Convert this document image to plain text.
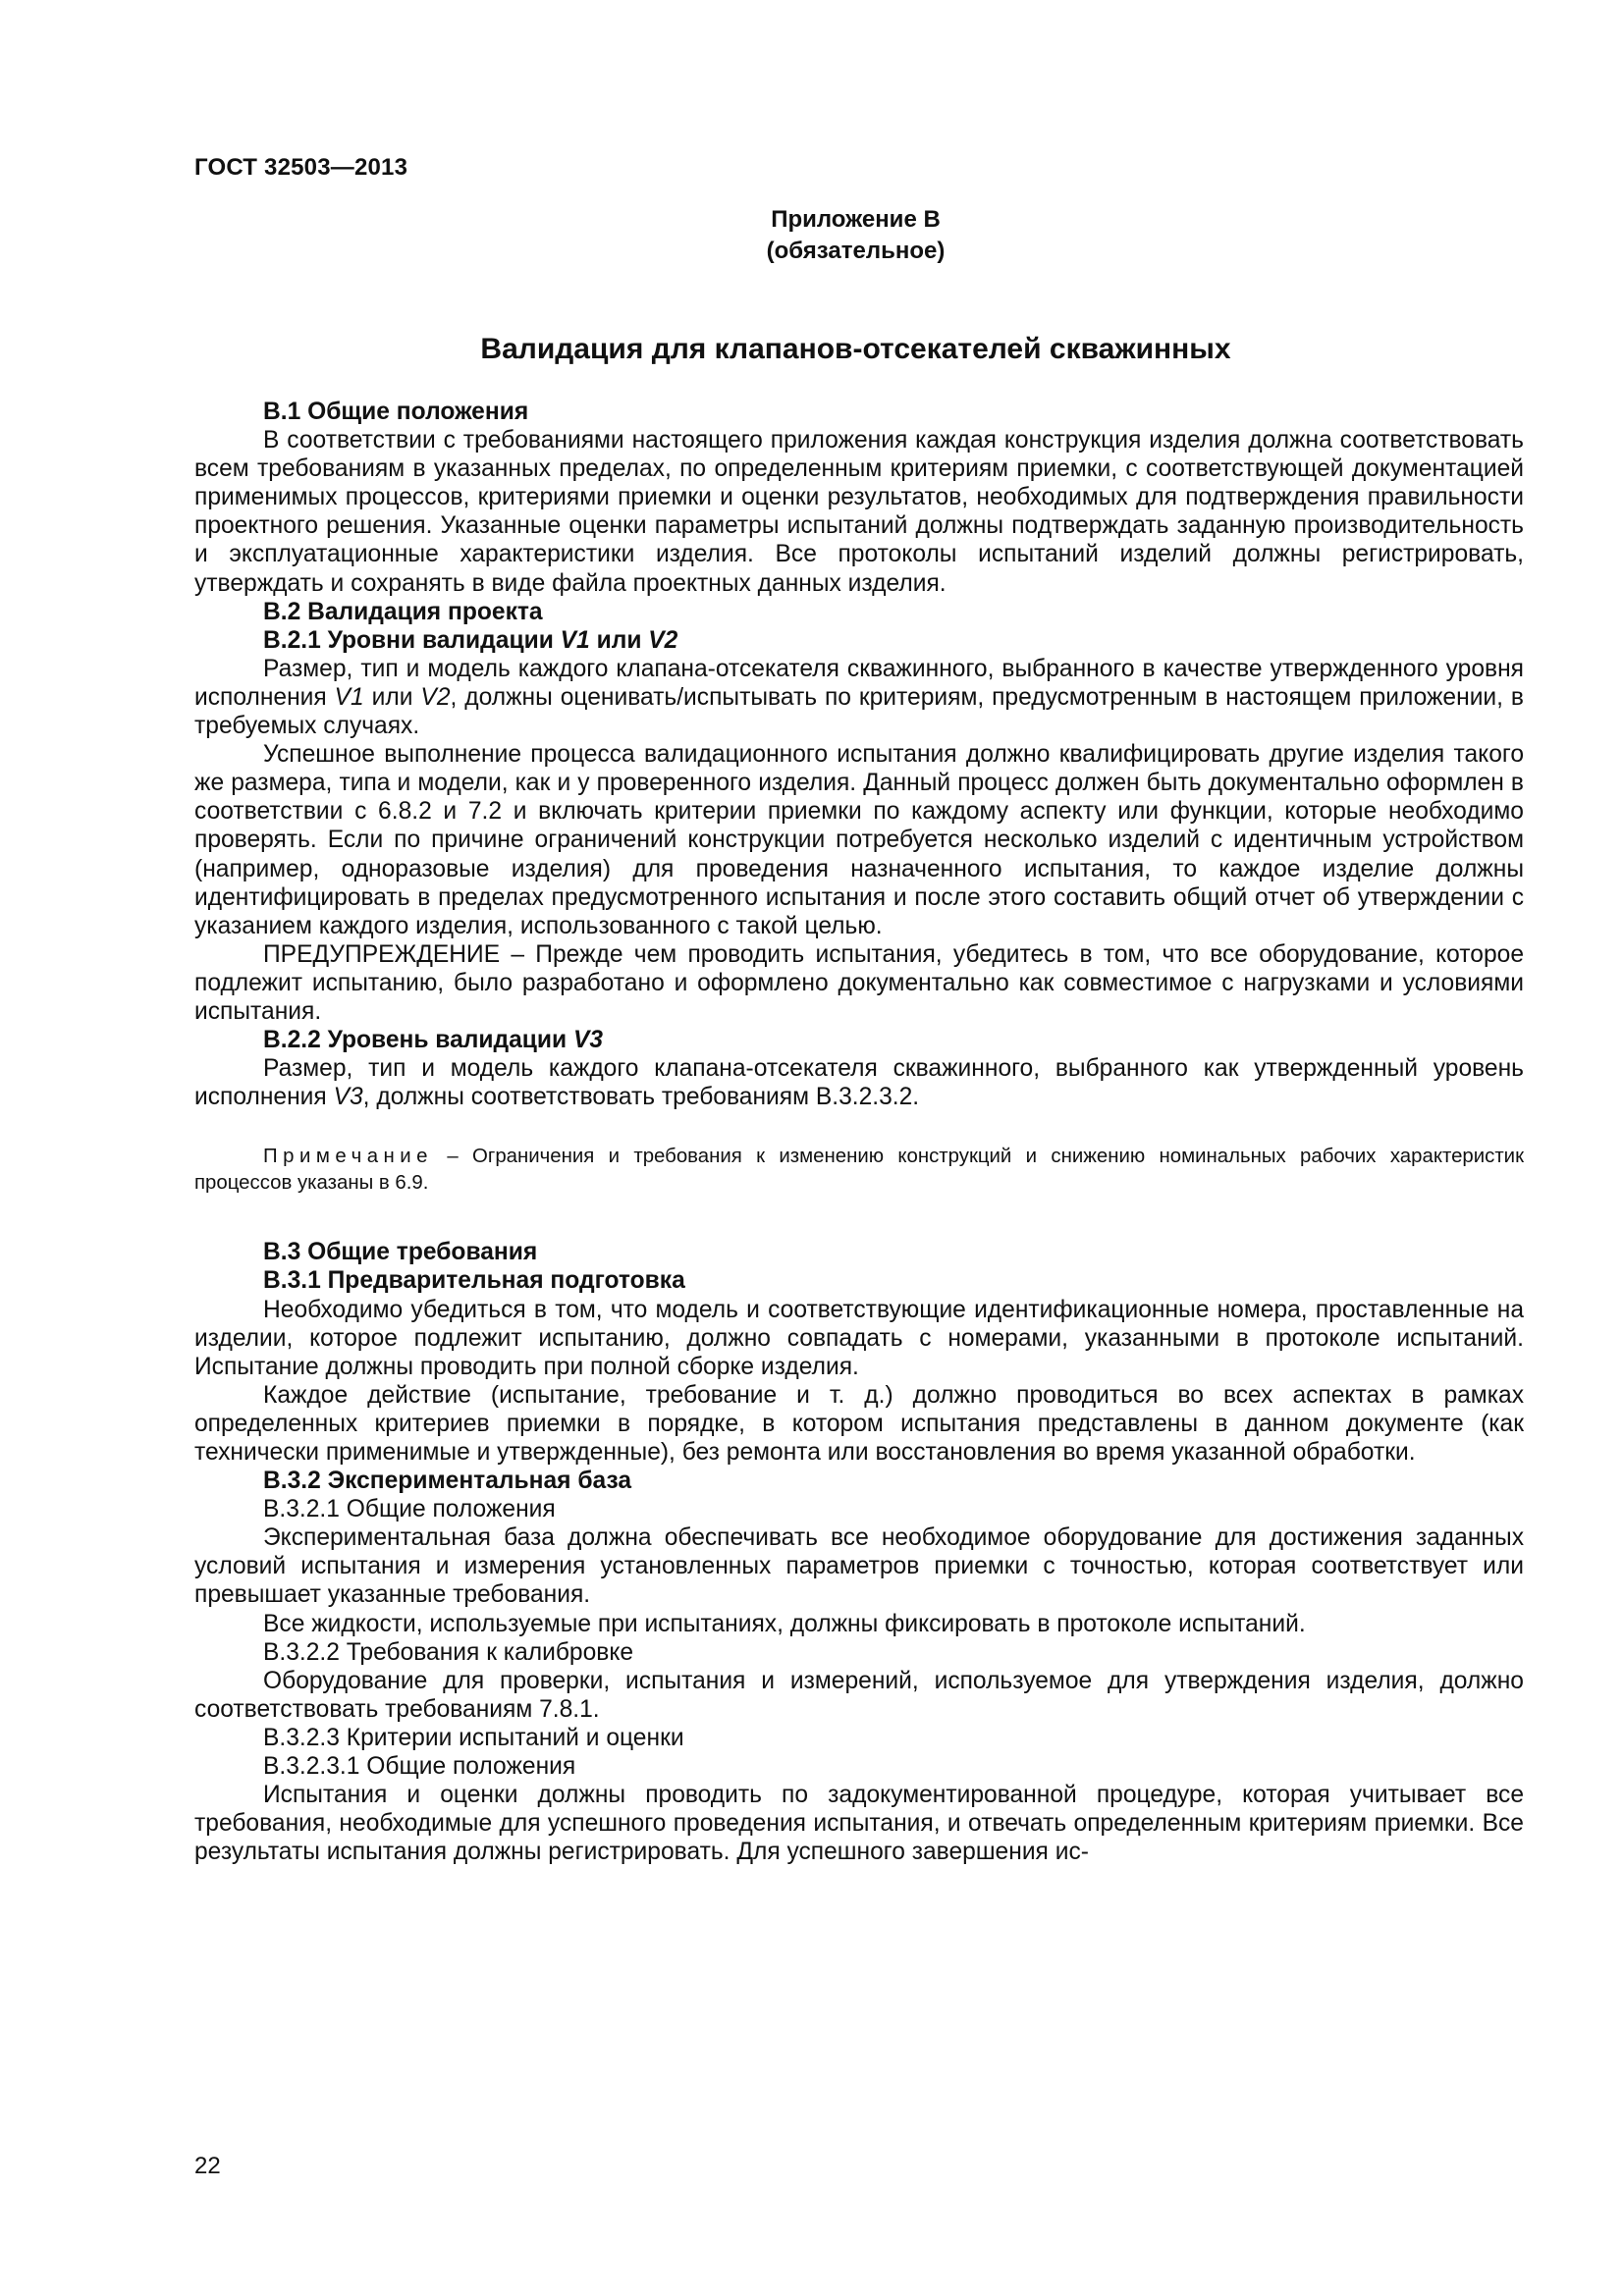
ГОСТ 32503—2013
Приложение В
(обязательное)
Валидация для клапанов-отсекателей скважинных

В.1 Общие положения

В соответствии с требованиями настоящего приложения каждая конструкция изделия должна соответствовать всем требованиям в указанных пределах, по определенным критериям приемки, с соответствующей документацией применимых процессов, критериями приемки и оценки результатов, необходимых для подтверждения правильности проектного решения. Указанные оценки параметры испытаний должны подтверждать заданную производительность и эксплуатационные характеристики изделия. Все протоколы испытаний изделий должны регистрировать, утверждать и сохранять в виде файла проектных данных изделия.

В.2 Валидация проекта

В.2.1 Уровни валидации V1 или V2

Размер, тип и модель каждого клапана-отсекателя скважинного, выбранного в качестве утвержденного уровня исполнения V1 или V2, должны оценивать/испытывать по критериям, предусмотренным в настоящем приложении, в требуемых случаях.

Успешное выполнение процесса валидационного испытания должно квалифицировать другие изделия такого же размера, типа и модели, как и у проверенного изделия. Данный процесс должен быть документально оформлен в соответствии с 6.8.2 и 7.2 и включать критерии приемки по каждому аспекту или функции, которые необходимо проверять. Если по причине ограничений конструкции потребуется несколько изделий с идентичным устройством (например, одноразовые изделия) для проведения назначенного испытания, то каждое изделие должны идентифицировать в пределах предусмотренного испытания и после этого составить общий отчет об утверждении с указанием каждого изделия, использованного с такой целью.

ПРЕДУПРЕЖДЕНИЕ – Прежде чем проводить испытания, убедитесь в том, что все оборудование, которое подлежит испытанию, было разработано и оформлено документально как совместимое с нагрузками и условиями испытания.

В.2.2 Уровень валидации V3

Размер, тип и модель каждого клапана-отсекателя скважинного, выбранного как утвержденный уровень исполнения V3, должны соответствовать требованиям В.3.2.3.2.

Примечание – Ограничения и требования к изменению конструкций и снижению номинальных рабочих характеристик процессов указаны в 6.9.

В.3 Общие требования

В.3.1 Предварительная подготовка

Необходимо убедиться в том, что модель и соответствующие идентификационные номера, проставленные на изделии, которое подлежит испытанию, должно совпадать с номерами, указанными в протоколе испытаний. Испытание должны проводить при полной сборке изделия.

Каждое действие (испытание, требование и т. д.) должно проводиться во всех аспектах в рамках определенных критериев приемки в порядке, в котором испытания представлены в данном документе (как технически применимые и утвержденные), без ремонта или восстановления во время указанной обработки.

В.3.2 Экспериментальная база

В.3.2.1 Общие положения

Экспериментальная база должна обеспечивать все необходимое оборудование для достижения заданных условий испытания и измерения установленных параметров приемки с точностью, которая соответствует или превышает указанные требования.

Все жидкости, используемые при испытаниях, должны фиксировать в протоколе испытаний.

В.3.2.2 Требования к калибровке

Оборудование для проверки, испытания и измерений, используемое для утверждения изделия, должно соответствовать требованиям 7.8.1.

В.3.2.3 Критерии испытаний и оценки

В.3.2.3.1 Общие положения

Испытания и оценки должны проводить по задокументированной процедуре, которая учитывает все требования, необходимые для успешного проведения испытания, и отвечать определенным критериям приемки. Все результаты испытания должны регистрировать. Для успешного завершения ис-

22
